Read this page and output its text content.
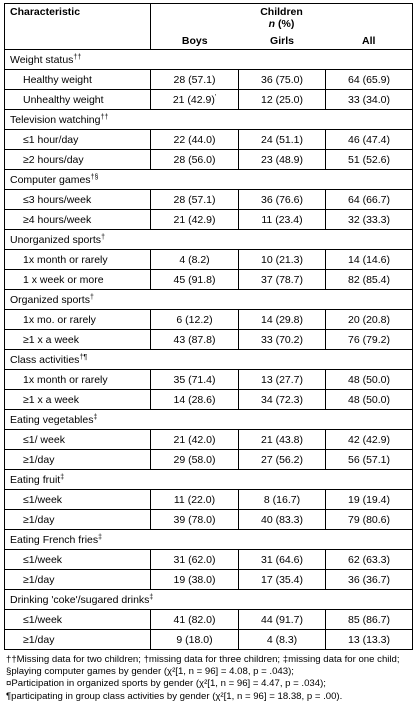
Characteristic	Children
n (%)		

	Boys	Girls	All
Weight status††
Healthy weight	28 (57.1)	36 (75.0)	64 (65.9)
Unhealthy weight	21 (42.9)'	12 (25.0)	33 (34.0)
Television watching††
≤1 hour/day	22 (44.0)	24 (51.1)	46 (47.4)
≥2 hours/day	28 (56.0)	23 (48.9)	51 (52.6)
Computer games†§
≤3 hours/week	28 (57.1)	36 (76.6)	64 (66.7)
≥4 hours/week	21 (42.9)	11 (23.4)	32 (33.3)
Unorganized sports†
1x month or rarely	4 (8.2)	10 (21.3)	14 (14.6)
1 x week or more	45 (91.8)	37 (78.7)	82 (85.4)
Organized sports†
1x mo. or rarely	6 (12.2)	14 (29.8)	20 (20.8)
≥1 x a week	43 (87.8)	33 (70.2)	76 (79.2)
Class activities†¶
1x month or rarely	35 (71.4)	13 (27.7)	48 (50.0)
≥1 x a week	14 (28.6)	34 (72.3)	48 (50.0)
Eating vegetables‡
≤1/ week	21 (42.0)	21 (43.8)	42 (42.9)
≥1/day	29 (58.0)	27 (56.2)	56 (57.1)
Eating fruit‡
≤1/week	11 (22.0)	8 (16.7)	19 (19.4)
≥1/day	39 (78.0)	40 (83.3)	79 (80.6)
Eating French fries‡
≤1/week	31 (62.0)	31 (64.6)	62 (63.3)
≥1/day	19 (38.0)	17 (35.4)	36 (36.7)
Drinking 'coke'/sugared drinks‡
≤1/week	41 (82.0)	44 (91.7)	85 (86.7)
≥1/day	9 (18.0)	4 (8.3)	13 (13.3)
††Missing data for two children; †missing data for three children; ‡missing data for one child; §playing computer games by gender (χ²[1, n = 96] = 4.08, p = .043);
¤Participation in organized sports by gender (χ²[1, n = 96] = 4.47, p = .034);
¶participating in group class activities by gender (χ²[1, n = 96] = 18.38, p = .00).
